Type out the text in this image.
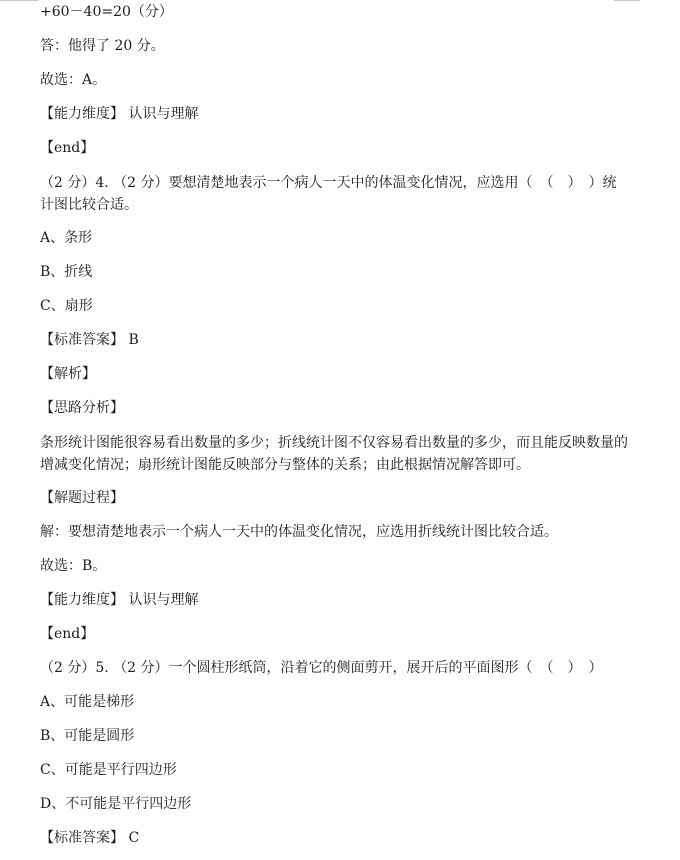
+60－40=20（分）
答：他得了 20 分。
故选：A。
【能力维度】 认识与理解
【end】
（2 分）4. （2 分）要想清楚地表示一个病人一天中的体温变化情况，应选用（　（　）　）统计图比较合适。
A、条形
B、折线
C、扇形
【标准答案】 B
【解析】
【思路分析】
条形统计图能很容易看出数量的多少；折线统计图不仅容易看出数量的多少，而且能反映数量的增减变化情况；扇形统计图能反映部分与整体的关系；由此根据情况解答即可。
【解题过程】
解：要想清楚地表示一个病人一天中的体温变化情况，应选用折线统计图比较合适。
故选：B。
【能力维度】 认识与理解
【end】
（2 分）5. （2 分）一个圆柱形纸筒，沿着它的侧面剪开，展开后的平面图形（　（　）　）
A、可能是梯形
B、可能是圆形
C、可能是平行四边形
D、不可能是平行四边形
【标准答案】 C
